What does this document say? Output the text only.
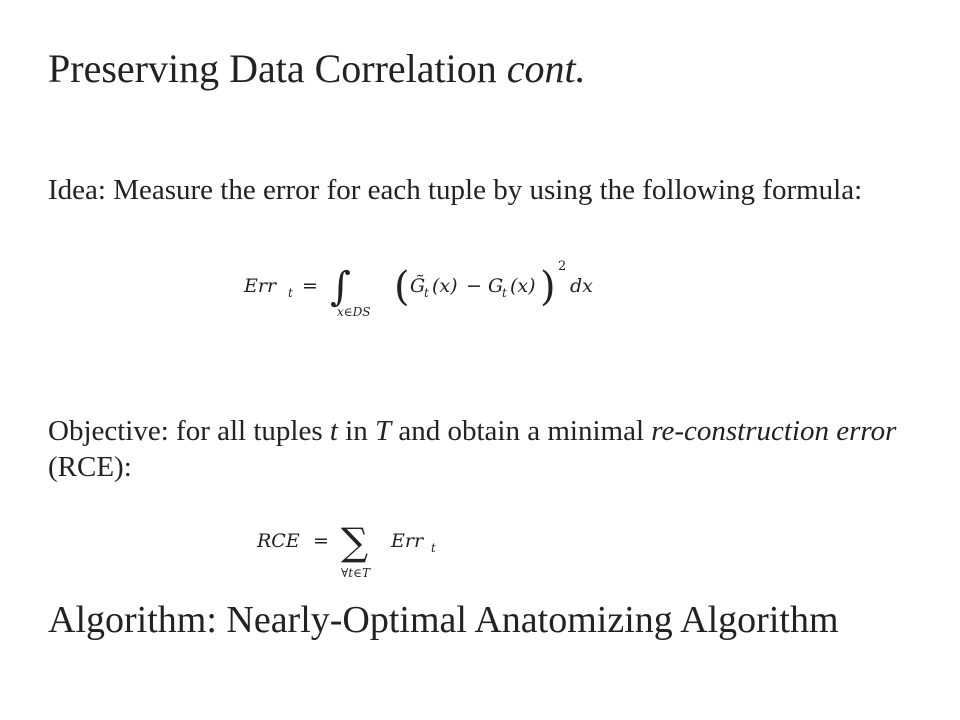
Preserving Data Correlation cont.

Idea: Measure the error for each tuple by using the following formula:

Err t = ∫
x∈DS
( G̃
t (x) − G
t (x) ) 2
dx

Objective: for all tuples t in T and obtain a minimal re-construction error (RCE):

RCE = ∑
∀t∈T
Err t

Algorithm: Nearly-Optimal Anatomizing Algorithm
